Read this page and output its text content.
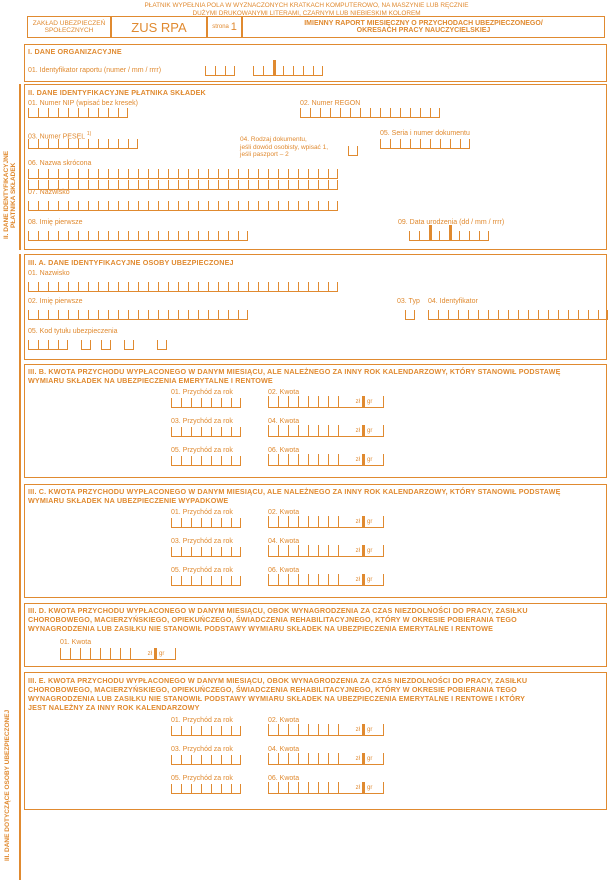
PŁATNIK WYPEŁNIA POLA W WYZNACZONYCH KRATKACH KOMPUTEROWO, NA MASZYNIE LUB RĘCZNIE
DUŻYMI DRUKOWANYMI LITERAMI, CZARNYM LUB NIEBIESKIM KOLOREM
ZAKŁAD UBEZPIECZEŃ
SPOŁECZNYCH	ZUS RPA	strona
1	IMIENNY RAPORT MIESIĘCZNY O PRZYCHODACH UBEZPIECZONEGO/
OKRESACH PRACY NAUCZYCIELSKIEJ
I. DANE ORGANIZACYJNE
01. Identyfikator raportu (numer / mm / rrrr)
II. DANE IDENTYFIKACYJNE
PŁATNIKA SKŁADEK
II. DANE IDENTYFIKACYJNE PŁATNIKA SKŁADEK
01. Numer NIP (wpisać bez kresek)	02. Numer REGON
03. Numer PESEL $^{1)}$
04. Rodzaj dokumentu,
jeśli dowód osobisty, wpisać 1,
jeśli paszport – 2
05. Seria i numer dokumentu
06. Nazwa skrócona
07. Nazwisko
08. Imię pierwsze	09. Data urodzenia (dd / mm / rrrr)
III. DANE DOTYCZĄCE OSOBY UBEZPIECZONEJ
III. A. DANE IDENTYFIKACYJNE OSOBY UBEZPIECZONEJ
01. Nazwisko
02. Imię pierwsze	03. Typ 04. Identyfikator
05. Kod tytułu ubezpieczenia
III. B. KWOTA PRZYCHODU WYPŁACONEGO W DANYM MIESIĄCU, ALE NALEŻNEGO ZA INNY ROK KALENDARZOWY, KTÓRY STANOWIŁ PODSTAWĘ
WYMIARU SKŁADEK NA UBEZPIECZENIA EMERYTALNE I RENTOWE
01. Przychód za rok	02. Kwota
zł	gr
03. Przychód za rok	04. Kwota
zł	gr
05. Przychód za rok	06. Kwota
zł	gr
III. C. KWOTA PRZYCHODU WYPŁACONEGO W DANYM MIESIĄCU, ALE NALEŻNEGO ZA INNY ROK KALENDARZOWY, KTÓRY STANOWIŁ PODSTAWĘ
WYMIARU SKŁADEK NA UBEZPIECZENIE WYPADKOWE
01. Przychód za rok	02. Kwota
zł	gr
03. Przychód za rok	04. Kwota
zł	gr
05. Przychód za rok	06. Kwota
zł	gr
III. D. KWOTA PRZYCHODU WYPŁACONEGO W DANYM MIESIĄCU, OBOK WYNAGRODZENIA ZA CZAS NIEZDOLNOŚCI DO PRACY, ZASIŁKU
CHOROBOWEGO, MACIERZYŃSKIEGO, OPIEKUŃCZEGO, ŚWIADCZENIA REHABILITACYJNEGO, KTÓRY W OKRESIE POBIERANIA TEGO
WYNAGRODZENIA LUB ZASIŁKU NIE STANOWIŁ PODSTAWY WYMIARU SKŁADEK NA UBEZPIECZENIA EMERYTALNE I RENTOWE
01. Kwota
zł	gr
III. E. KWOTA PRZYCHODU WYPŁACONEGO W DANYM MIESIĄCU, OBOK WYNAGRODZENIA ZA CZAS NIEZDOLNOŚCI DO PRACY, ZASIŁKU
CHOROBOWEGO, MACIERZYŃSKIEGO, OPIEKUŃCZEGO, ŚWIADCZENIA REHABILITACYJNEGO, KTÓRY W OKRESIE POBIERANIA TEGO
WYNAGRODZENIA LUB ZASIŁKU NIE STANOWIŁ PODSTAWY WYMIARU SKŁADEK NA UBEZPIECZENIA EMERYTALNE I RENTOWE I KTÓRY
JEST NALEŻNY ZA INNY ROK KALENDARZOWY
01. Przychód za rok	02. Kwota
zł	gr
03. Przychód za rok	04. Kwota
zł	gr
05. Przychód za rok	06. Kwota
zł	gr
